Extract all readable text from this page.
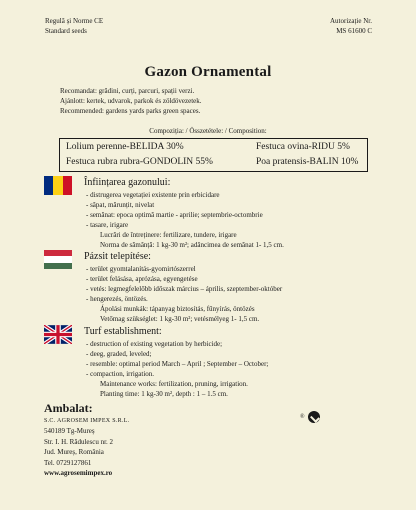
Regulă și Norme CE
Standard seeds
Autorizație Nr.
MS 61600 C
Gazon Ornamental
Recomandat: grădini, curți, parcuri, spații verzi.
Ajánlott: kertek, udvarok, parkok és zöldövezetek.
Recommended: gardens yards parks green spaces.
Compoziția: / Összetétele: / Composition:
Lolium perenne-BELIDA 30%	Festuca ovina-RIDU 5%
Festuca rubra rubra-GONDOLIN 55%	Poa pratensis-BALIN 10%
Înființarea gazonului:
- distrugerea vegetației existente prin erbicidare
- săpat, mărunțit, nivelat
- semănat: epoca optimă martie - aprilie; septembrie-octombrie
- tasare, irigare
Lucrări de întreținere: fertilizare, tundere, irigare
Norma de sămânță: 1 kg-30 m²; adâncimea de semănat 1- 1,5 cm.
Pázsit telepítése:
- terület gyomtalanítás-gyomirtószerrel
- terület felásása, aprózása, egyengetése
- vetés: legmegfelelőbb időszak március – április, szeptember-október
- hengerezés, öntözés.
Ápolási munkák: tápanyag biztosítás, fűnyírás, öntözés
Vetőmag szükséglet: 1 kg-30 m²; vetésmélyeg 1- 1,5 cm.
Turf establishment:
- destruction of existing vegetation by herbicide;
- deeg, graded, leveled;
- resemble: optimal period March – April ; September – October;
- compaction, irrigation.
Maintenance works: fertilization, pruning, irrigation.
Planting time: 1 kg-30 m², depth : 1 – 1.5 cm.
Ambalat:
S.C. AGROSEM IMPEX S.R.L.
540189 Tg-Mureș
Str. I. H. Rădulescu nr. 2
Jud. Mureș, România
Tel. 0729127861
www.agrosemimpex.ro
®
